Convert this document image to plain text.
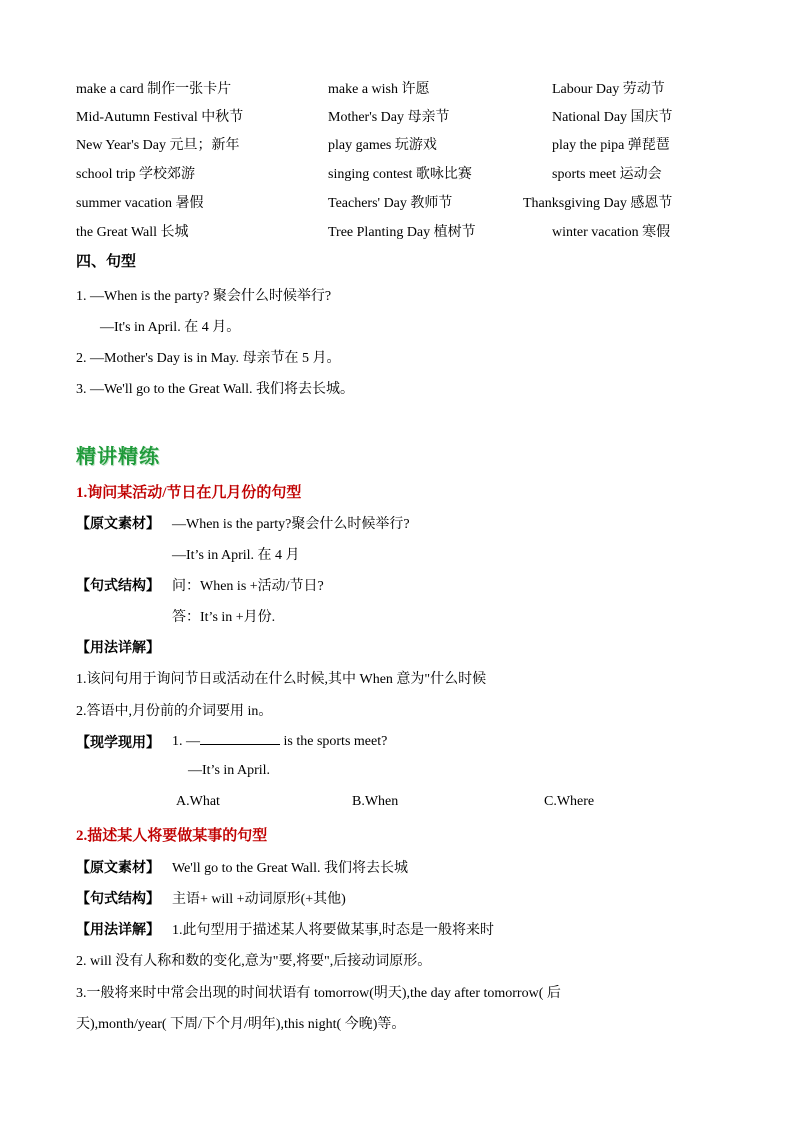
make a card 制作一张卡片	make a wish 许愿	Labour Day 劳动节
Mid-Autumn Festival 中秋节	Mother's Day 母亲节	National Day 国庆节
New Year's Day 元旦；新年	play games 玩游戏	play the pipa 弹琵琶
school trip 学校郊游	singing contest 歌咏比赛	sports meet 运动会
summer vacation 暑假	Teachers' Day 教师节	Thanksgiving Day 感恩节
the Great Wall 长城	Tree Planting Day 植树节	winter vacation 寒假
四、句型
1. —When is the party? 聚会什么时候举行?
—It's in April. 在 4 月。
2. —Mother's Day is in May. 母亲节在 5 月。
3. —We'll go to the Great Wall. 我们将去长城。
精讲精练
1.询问某活动/节日在几月份的句型
【原文素材】 —When is the party?聚会什么时候举行?
—It’s in April. 在 4 月
【句式结构】 问：When is +活动/节日?
答：It’s in +月份.
【用法详解】
1.该问句用于询问节日或活动在什么时候,其中 When 意为"什么时候
2.答语中,月份前的介词要用 in。
【现学现用】 1. —	is the sports meet?
—It’s in April.
A.What	B.When	C.Where
2.描述某人将要做某事的句型
【原文素材】 We'll go to the Great Wall. 我们将去长城
【句式结构】 主语+ will +动词原形(+其他)
【用法详解】 1.此句型用于描述某人将要做某事,时态是一般将来时
2. will 没有人称和数的变化,意为"要,将要",后接动词原形。
3.一般将来时中常会出现的时间状语有 tomorrow(明天),the day after tomorrow( 后
天),month/year( 下周/下个月/明年),this night( 今晚)等。
